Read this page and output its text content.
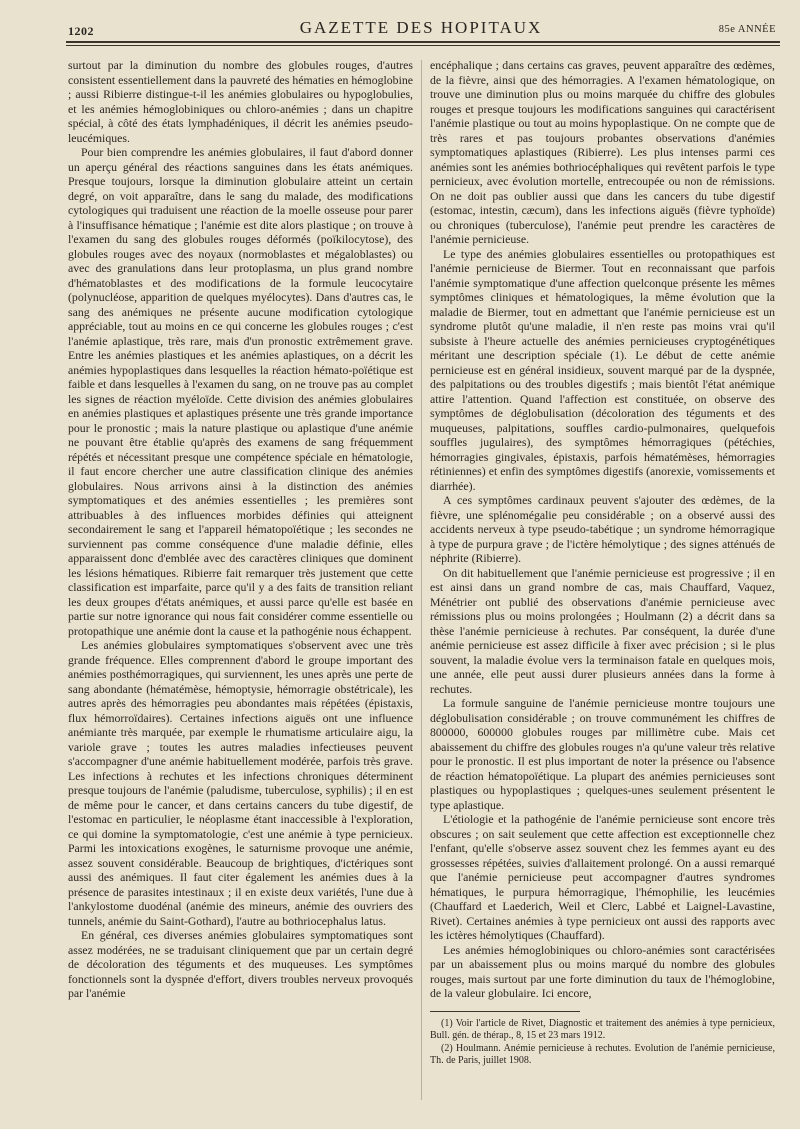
1202	GAZETTE DES HOPITAUX	85e ANNÉE

surtout par la diminution du nombre des globules rouges, d'autres consistent essentiellement dans la pauvreté des hématies en hémoglobine ; aussi Ribierre distingue-t-il les anémies globulaires ou hypoglobulies, et les anémies hémoglobiniques ou chloro-anémies ; dans un chapitre spécial, à côté des états lymphadéniques, il décrit les anémies pseudo-leucémiques.

Pour bien comprendre les anémies globulaires, il faut d'abord donner un aperçu général des réactions sanguines dans les états anémiques. Presque toujours, lorsque la diminution globulaire atteint un certain degré, on voit apparaître, dans le sang du malade, des modifications cytologiques qui traduisent une réaction de la moelle osseuse pour parer à l'insuffisance hématique ; l'anémie est dite alors plastique ; on trouve à l'examen du sang des globules rouges déformés (poïkilocytose), des globules rouges avec des noyaux (normoblastes et mégaloblastes) ou avec des granulations dans leur protoplasma, un plus grand nombre d'hématoblastes et des modifications de la formule leucocytaire (polynucléose, apparition de quelques myélocytes). Dans d'autres cas, le sang des anémiques ne présente aucune modification cytologique appréciable, tout au moins en ce qui concerne les globules rouges ; c'est l'anémie aplastique, très rare, mais d'un pronostic extrêmement grave. Entre les anémies plastiques et les anémies aplastiques, on a décrit les anémies hypoplastiques dans lesquelles la réaction hémato-poïétique est faible et dans lesquelles à l'examen du sang, on ne trouve pas au complet les signes de réaction myéloïde. Cette division des anémies globulaires en anémies plastiques et aplastiques présente une très grande importance pour le pronostic ; mais la nature plastique ou aplastique d'une anémie ne pouvant être établie qu'après des examens de sang fréquemment répétés et nécessitant presque une compétence spéciale en hématologie, il faut encore chercher une autre classification clinique des anémies globulaires. Nous arrivons ainsi à la distinction des anémies symptomatiques et des anémies essentielles ; les premières sont attribuables à des influences morbides définies qui atteignent secondairement le sang et l'appareil hématopoïétique ; les secondes ne surviennent pas comme conséquence d'une maladie définie, elles apparaissent donc d'emblée avec des caractères cliniques que dominent les lésions hématiques. Ribierre fait remarquer très justement que cette classification est imparfaite, parce qu'il y a des faits de transition reliant les deux groupes d'états anémiques, et aussi parce qu'elle est basée en partie sur notre ignorance qui nous fait considérer comme essentielle ou protopathique une anémie dont la cause et la pathogénie nous échappent.

Les anémies globulaires symptomatiques s'observent avec une très grande fréquence. Elles comprennent d'abord le groupe important des anémies posthémorragiques, qui surviennent, les unes après une perte de sang abondante (hématémèse, hémoptysie, hémorragie obstétricale), les autres après des hémorragies peu abondantes mais répétées (épistaxis, flux hémorroïdaires). Certaines infections aiguës ont une influence anémiante très marquée, par exemple le rhumatisme articulaire aigu, la variole grave ; toutes les autres maladies infectieuses peuvent s'accompagner d'une anémie habituellement modérée, parfois très grave. Les infections à rechutes et les infections chroniques déterminent presque toujours de l'anémie (paludisme, tuberculose, syphilis) ; il en est de même pour le cancer, et dans certains cancers du tube digestif, de l'estomac en particulier, le néoplasme étant inaccessible à l'exploration, ce qui domine la symptomatologie, c'est une anémie à type pernicieux. Parmi les intoxications exogènes, le saturnisme provoque une anémie, assez souvent considérable. Beaucoup de brightiques, d'ictériques sont aussi des anémiques. Il faut citer également les anémies dues à la présence de parasites intestinaux ; il en existe deux variétés, l'une due à l'ankylostome duodénal (anémie des mineurs, anémie des ouvriers des tunnels, anémie du Saint-Gothard), l'autre au bothriocephalus latus.

En général, ces diverses anémies globulaires symptomatiques sont assez modérées, ne se traduisant cliniquement que par un certain degré de décoloration des téguments et des muqueuses. Les symptômes fonctionnels sont la dyspnée d'effort, divers troubles nerveux provoqués par l'anémie

encéphalique ; dans certains cas graves, peuvent apparaître des œdèmes, de la fièvre, ainsi que des hémorragies. A l'examen hématologique, on trouve une diminution plus ou moins marquée du chiffre des globules rouges et presque toujours les modifications sanguines qui caractérisent l'anémie plastique ou tout au moins hypoplastique. On ne compte que de très rares et pas toujours probantes observations d'anémies symptomatiques aplastiques (Ribierre). Les plus intenses parmi ces anémies sont les anémies bothriocéphaliques qui revêtent parfois le type pernicieux, avec évolution mortelle, entrecoupée ou non de rémissions. On ne doit pas oublier aussi que dans les cancers du tube digestif (estomac, intestin, cæcum), dans les infections aiguës (fièvre typhoïde) ou chroniques (tuberculose), l'anémie peut prendre les caractères de l'anémie pernicieuse.

Le type des anémies globulaires essentielles ou protopathiques est l'anémie pernicieuse de Biermer. Tout en reconnaissant que parfois l'anémie symptomatique d'une affection quelconque présente les mêmes symptômes cliniques et hématologiques, la même évolution que la maladie de Biermer, tout en admettant que l'anémie pernicieuse est un syndrome plutôt qu'une maladie, il n'en reste pas moins vrai qu'il subsiste à l'heure actuelle des anémies pernicieuses cryptogénétiques méritant une description spéciale (1). Le début de cette anémie pernicieuse est en général insidieux, souvent marqué par de la dyspnée, des palpitations ou des troubles digestifs ; mais bientôt l'état anémique attire l'attention. Quand l'affection est constituée, on observe des symptômes de déglobulisation (décoloration des téguments et des muqueuses, palpitations, souffles cardio-pulmonaires, quelquefois souffles jugulaires), des symptômes hémorragiques (pétéchies, hémorragies gingivales, épistaxis, parfois hématémèses, hémorragies rétiniennes) et enfin des symptômes digestifs (anorexie, vomissements et diarrhée).

A ces symptômes cardinaux peuvent s'ajouter des œdèmes, de la fièvre, une splénomégalie peu considérable ; on a observé aussi des accidents nerveux à type pseudo-tabétique ; un syndrome hémorragique à type de purpura grave ; de l'ictère hémolytique ; des signes atténués de néphrite (Ribierre).

On dit habituellement que l'anémie pernicieuse est progressive ; il en est ainsi dans un grand nombre de cas, mais Chauffard, Vaquez, Ménétrier ont publié des observations d'anémie pernicieuse avec rémissions plus ou moins prolongées ; Houlmann (2) a décrit dans sa thèse l'anémie pernicieuse à rechutes. Par conséquent, la durée d'une anémie pernicieuse est assez difficile à fixer avec précision ; si le plus souvent, la maladie évolue vers la terminaison fatale en quelques mois, une année, elle peut aussi durer plusieurs années dans la forme à rechutes.

La formule sanguine de l'anémie pernicieuse montre toujours une déglobulisation considérable ; on trouve communément les chiffres de 800000, 600000 globules rouges par millimètre cube. Mais cet abaissement du chiffre des globules rouges n'a qu'une valeur très relative pour le pronostic. Il est plus important de noter la présence ou l'absence de réaction hématopoïétique. La plupart des anémies pernicieuses sont plastiques ou hypoplastiques ; quelques-unes seulement présentent le type aplastique.

L'étiologie et la pathogénie de l'anémie pernicieuse sont encore très obscures ; on sait seulement que cette affection est exceptionnelle chez l'enfant, qu'elle s'observe assez souvent chez les femmes ayant eu des grossesses répétées, suivies d'allaitement prolongé. On a aussi remarqué que l'anémie pernicieuse peut accompagner d'autres syndromes hématiques, le purpura hémorragique, l'hémophilie, les leucémies (Chauffard et Laederich, Weil et Clerc, Labbé et Laignel-Lavastine, Rivet). Certaines anémies à type pernicieux ont aussi des rapports avec les ictères hémolytiques (Chauffard).

Les anémies hémoglobiniques ou chloro-anémies sont caractérisées par un abaissement plus ou moins marqué du nombre des globules rouges, mais surtout par une forte diminution du taux de l'hémoglobine, de la valeur globulaire. Ici encore,

(1) Voir l'article de Rivet, Diagnostic et traitement des anémies à type pernicieux, Bull. gén. de thérap., 8, 15 et 23 mars 1912.

(2) Houlmann. Anémie pernicieuse à rechutes. Evolution de l'anémie pernicieuse, Th. de Paris, juillet 1908.
